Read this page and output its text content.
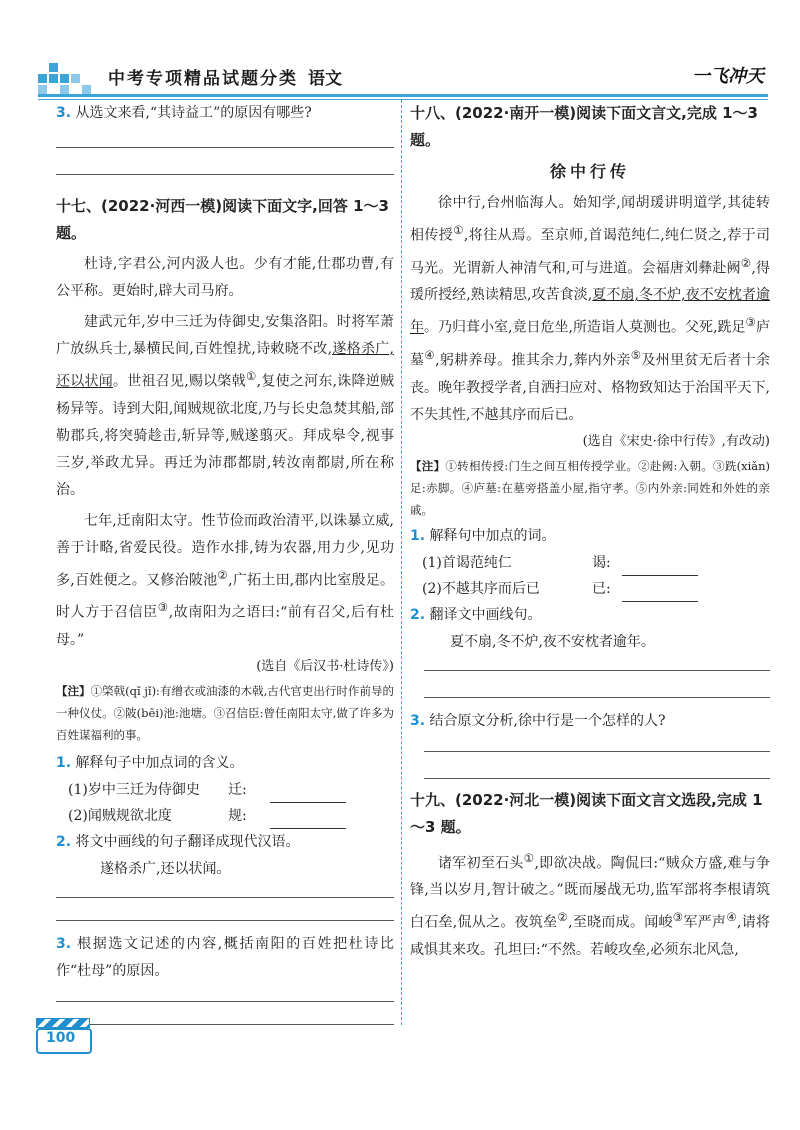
中考专项精品试题分类 语文	一飞冲天

3. 从选文来看,“其诗益工”的原因有哪些?

十七、(2022·河西一模)阅读下面文字,回答 1～3 题。

杜诗,字君公,河内汲人也。少有才能,仕郡功曹,有公平称。更始时,辟大司马府。

建武元年,岁中三迁为侍御史,安集洛阳。时将军萧广放纵兵士,暴横民间,百姓惶扰,诗敕晓不改,遂格杀广,还以状闻。世祖召见,赐以棨戟①,复使之河东,诛降逆贼杨异等。诗到大阳,闻贼规欲北度,乃与长史急焚其船,部勒郡兵,将突骑趁击,斩异等,贼遂翦灭。拜成皋令,视事三岁,举政尤异。再迁为沛郡都尉,转汝南都尉,所在称治。

七年,迁南阳太守。性节俭而政治清平,以诛暴立威,善于计略,省爱民役。造作水排,铸为农器,用力少,见功多,百姓便之。又修治陂池②,广拓土田,郡内比室殷足。时人方于召信臣③,故南阳为之语曰:“前有召父,后有杜母。”

(选自《后汉书·杜诗传》)

【注】①棨戟(qǐ jǐ):有缯衣或油漆的木戟,古代官吏出行时作前导的一种仪仗。②陂(bēi)池:池塘。③召信臣:曾任南阳太守,做了许多为百姓谋福利的事。

1. 解释句子中加点词的含义。

(1)岁中三迁为侍御史	迁:
(2)闻贼规欲北度	规:

2. 将文中画线的句子翻译成现代汉语。

遂格杀广,还以状闻。

3. 根据选文记述的内容,概括南阳的百姓把杜诗比作“杜母”的原因。

十八、(2022·南开一模)阅读下面文言文,完成 1～3 题。

徐中行传

徐中行,台州临海人。始知学,闻胡瑗讲明道学,其徒转相传授①,将往从焉。至京师,首谒范纯仁,纯仁贤之,荐于司马光。光谓新人神清气和,可与进道。会福唐刘彝赴阙②,得瑗所授经,熟读精思,攻苦食淡,夏不扇,冬不炉,夜不安枕者逾年。乃归葺小室,竟日危坐,所造诣人莫测也。父死,跣足③庐墓④,躬耕养母。推其余力,葬内外亲⑤及州里贫无后者十余丧。晚年教授学者,自洒扫应对、格物致知达于治国平天下,不失其性,不越其序而后已。

(选自《宋史·徐中行传》,有改动)

【注】①转相传授:门生之间互相传授学业。②赴阙:入朝。③跣(xiǎn)足:赤脚。④庐墓:在墓旁搭盖小屋,指守孝。⑤内外亲:同姓和外姓的亲戚。

1. 解释句中加点的词。

(1)首谒范纯仁	谒:
(2)不越其序而后已	已:

2. 翻译文中画线句。

夏不扇,冬不炉,夜不安枕者逾年。

3. 结合原文分析,徐中行是一个怎样的人?

十九、(2022·河北一模)阅读下面文言文选段,完成 1～3 题。

诸军初至石头①,即欲决战。陶侃曰:“贼众方盛,难与争锋,当以岁月,智计破之。”既而屡战无功,监军部将李根请筑白石垒,侃从之。夜筑垒②,至晓而成。闻峻③军严声④,请将咸惧其来攻。孔坦曰:“不然。若峻攻垒,必须东北风急,

100
